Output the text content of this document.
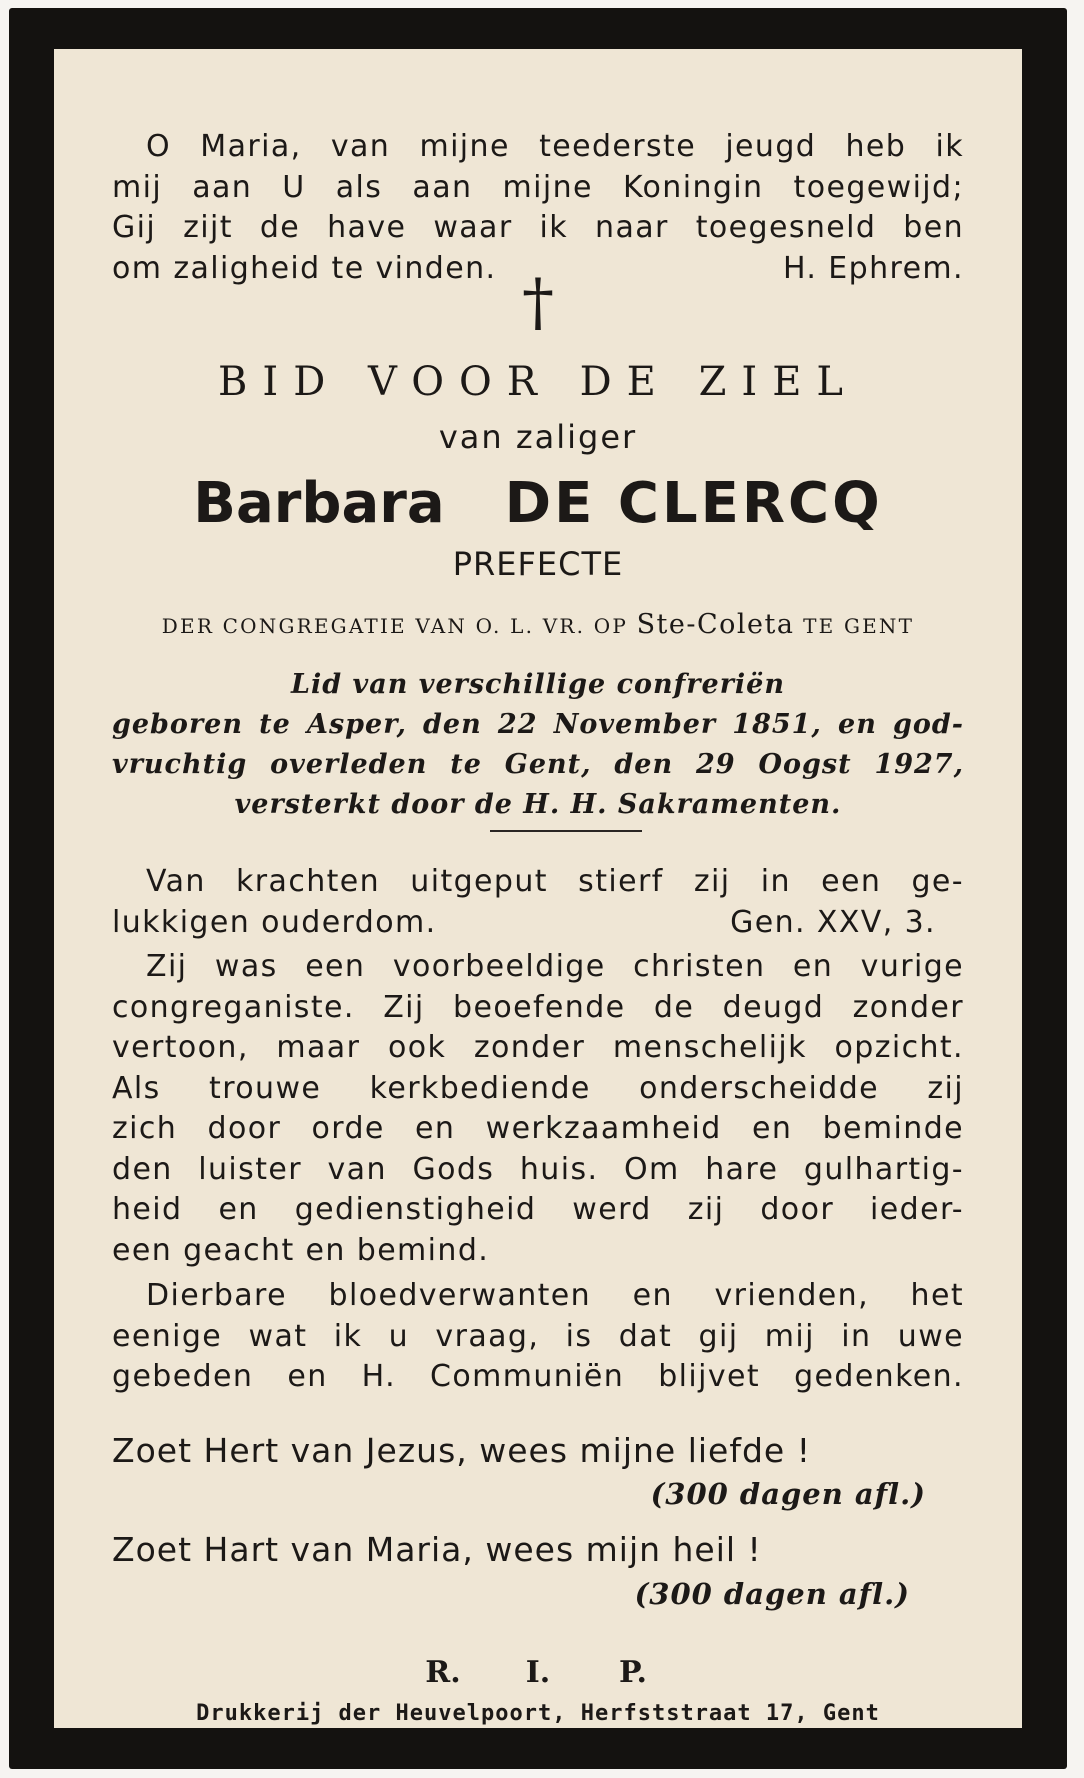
O Maria, van mijne teederste jeugd heb ik
mij aan U als aan mijne Koningin toegewijd;
Gij zijt de have waar ik naar toegesneld ben
om zaligheid te vinden.	H. Ephrem.
†
BID VOOR DE ZIEL
van zaliger
Barbara DE CLERCQ
PREFECTE
DER CONGREGATIE VAN O. L. VR. OP Ste-Coleta TE GENT
Lid van verschillige confreriën
geboren te Asper, den 22 November 1851, en god-
vruchtig overleden te Gent, den 29 Oogst 1927,
versterkt door de H. H. Sakramenten.
Van krachten uitgeput stierf zij in een ge-
lukkigen ouderdom.	Gen. XXV, 3.
Zij was een voorbeeldige christen en vurige
congreganiste. Zij beoefende de deugd zonder
vertoon, maar ook zonder menschelijk opzicht.
Als trouwe kerkbediende onderscheidde zij
zich door orde en werkzaamheid en beminde
den luister van Gods huis. Om hare gulhartig-
heid en gedienstigheid werd zij door ieder-
een geacht en bemind.
Dierbare bloedverwanten en vrienden, het
eenige wat ik u vraag, is dat gij mij in uwe
gebeden en H. Communiën blijvet gedenken.
Zoet Hert van Jezus, wees mijne liefde !
(300 dagen afl.)
Zoet Hart van Maria, wees mijn heil !
(300 dagen afl.)
R. I. P.
Drukkerij der Heuvelpoort, Herfststraat 17, Gent
